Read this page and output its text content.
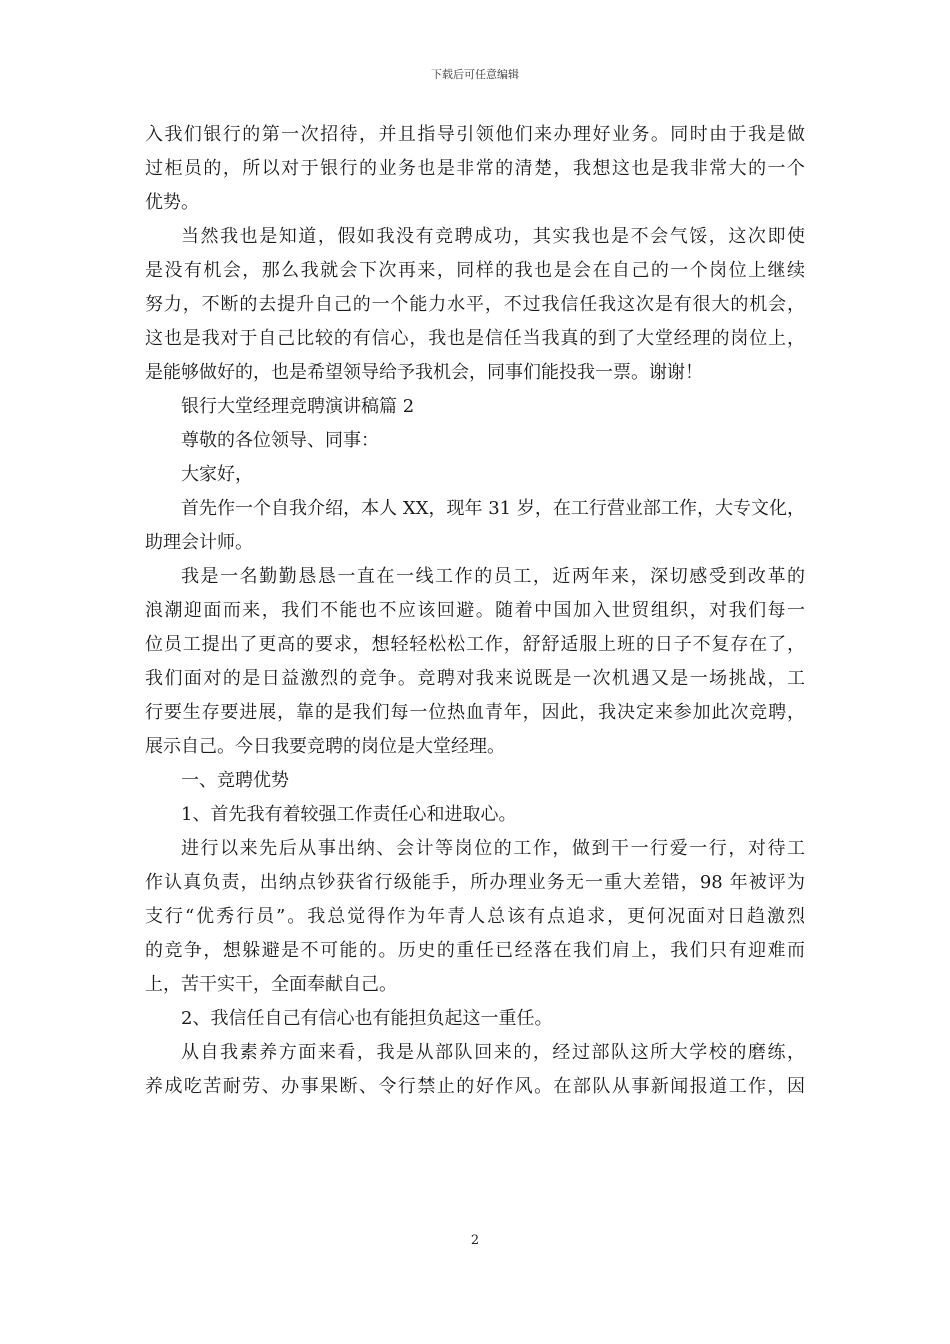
下载后可任意编辑
入我们银行的第一次招待，并且指导引领他们来办理好业务。同时由于我是做
过柜员的，所以对于银行的业务也是非常的清楚，我想这也是我非常大的一个
优势。
当然我也是知道，假如我没有竞聘成功，其实我也是不会气馁，这次即使
是没有机会，那么我就会下次再来，同样的我也是会在自己的一个岗位上继续
努力，不断的去提升自己的一个能力水平，不过我信任我这次是有很大的机会，
这也是我对于自己比较的有信心，我也是信任当我真的到了大堂经理的岗位上，
是能够做好的，也是希望领导给予我机会，同事们能投我一票。谢谢！
银行大堂经理竞聘演讲稿篇 2
尊敬的各位领导、同事：
大家好，
首先作一个自我介绍，本人 XX，现年 31 岁，在工行营业部工作，大专文化，
助理会计师。
我是一名勤勤恳恳一直在一线工作的员工，近两年来，深切感受到改革的
浪潮迎面而来，我们不能也不应该回避。随着中国加入世贸组织，对我们每一
位员工提出了更高的要求，想轻轻松松工作，舒舒适服上班的日子不复存在了，
我们面对的是日益激烈的竞争。竞聘对我来说既是一次机遇又是一场挑战，工
行要生存要进展，靠的是我们每一位热血青年，因此，我决定来参加此次竞聘，
展示自己。今日我要竞聘的岗位是大堂经理。
一、竞聘优势
1、首先我有着较强工作责任心和进取心。
进行以来先后从事出纳、会计等岗位的工作，做到干一行爱一行，对待工
作认真负责，出纳点钞获省行级能手，所办理业务无一重大差错，98 年被评为
支行“优秀行员”。我总觉得作为年青人总该有点追求，更何况面对日趋激烈
的竞争，想躲避是不可能的。历史的重任已经落在我们肩上，我们只有迎难而
上，苦干实干，全面奉献自己。
2、我信任自己有信心也有能担负起这一重任。
从自我素养方面来看，我是从部队回来的，经过部队这所大学校的磨练，
养成吃苦耐劳、办事果断、令行禁止的好作风。在部队从事新闻报道工作，因
2
